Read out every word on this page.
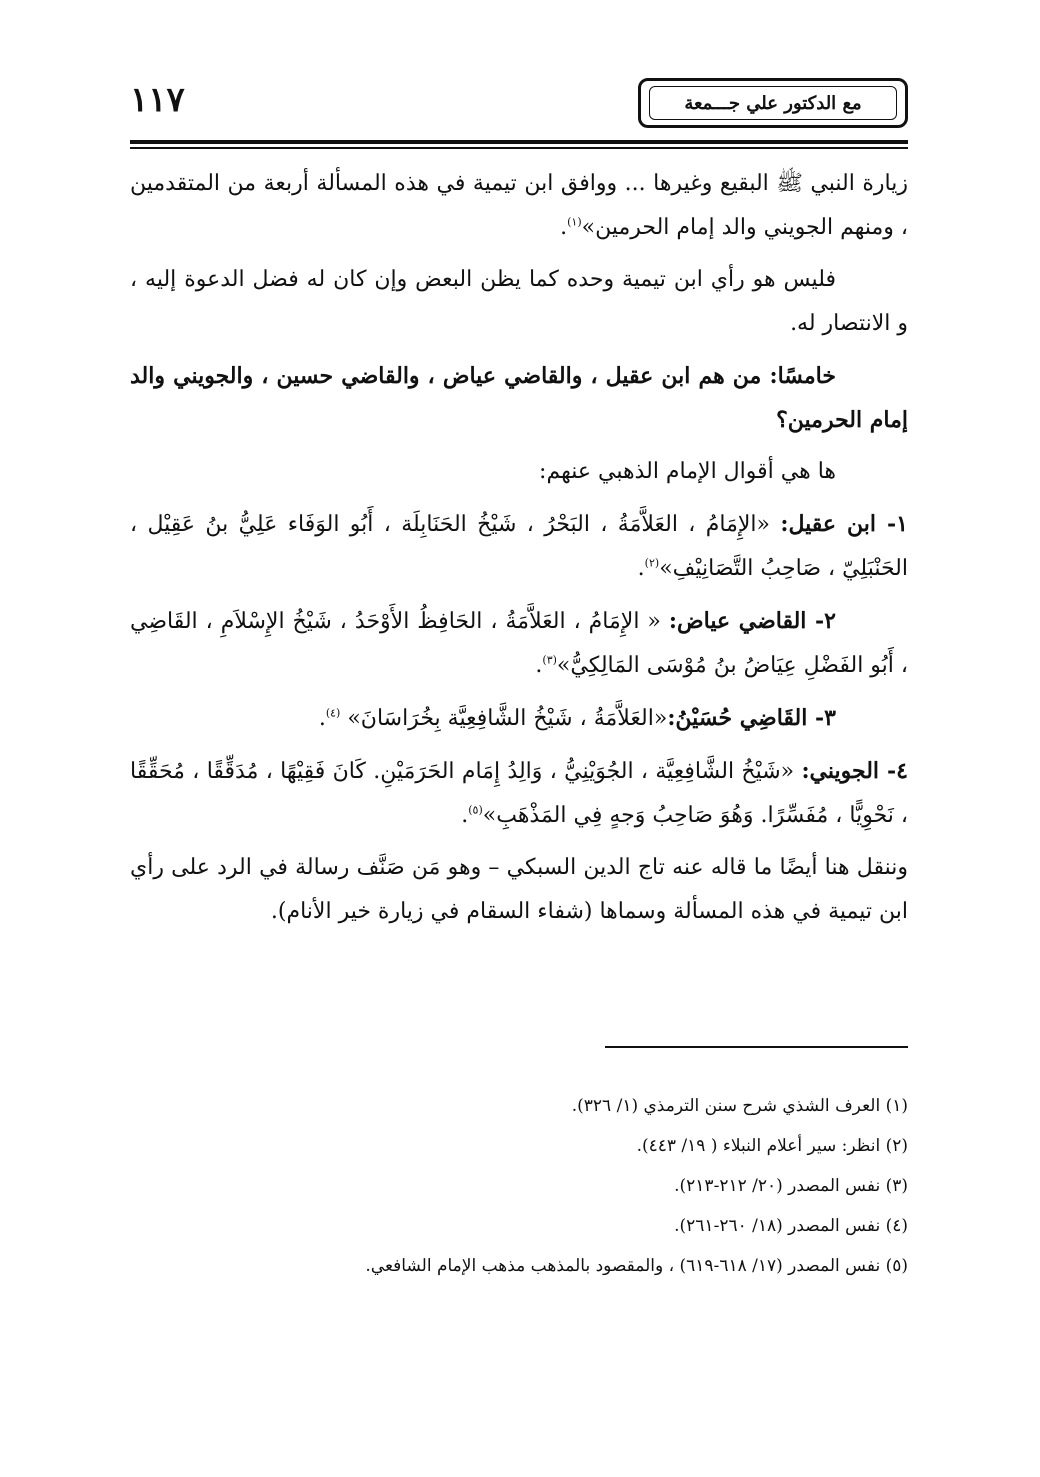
١١٧	مع الدكتور علي جـــمعة

زيارة النبي ﷺ البقيع وغيرها ... ووافق ابن تيمية في هذه المسألة أربعة من المتقدمين ، ومنهم الجويني والد إمام الحرمين»$^{(١)}$.

فليس هو رأي ابن تيمية وحده كما يظن البعض وإن كان له فضل الدعوة إليه ، و الانتصار له.

خامسًا: من هم ابن عقيل ، والقاضي عياض ، والقاضي حسين ، والجويني والد إمام الحرمين؟

ها هي أقوال الإمام الذهبي عنهم:

١- ابن عقيل: «الإِمَامُ ، العَلاَّمَةُ ، البَحْرُ ، شَيْخُ الحَنَابِلَة ، أَبُو الوَفَاء عَلِيُّ بنُ عَقِيْل ، الحَنْبَلِيّ ، صَاحِبُ التَّصَانِيْفِ»$^{(٢)}$.

٢- القاضي عياض: « الإِمَامُ ، العَلاَّمَةُ ، الحَافِظُ الأَوْحَدُ ، شَيْخُ الإِسْلاَمِ ، القَاضِي ، أَبُو الفَضْلِ عِيَاضُ بنُ مُوْسَى المَالِكِيُّ»$^{(٣)}$.

٣- القَاضِي حُسَيْنُ:«العَلاَّمَةُ ، شَيْخُ الشَّافِعِيَّة بِخُرَاسَانَ» $^{(٤)}$.

٤- الجويني: «شَيْخُ الشَّافِعِيَّة ، الجُوَيْنِيُّ ، وَالِدُ إِمَام الحَرَمَيْنِ. كَانَ فَقِيْهًا ، مُدَقِّقًا ، مُحَقِّقًا ، نَحْوِيًّا ، مُفَسِّرًا. وَهُوَ صَاحِبُ وَجهٍ فِي المَذْهَبِ»$^{(٥)}$.

وننقل هنا أيضًا ما قاله عنه تاج الدين السبكي – وهو مَن صَنَّف رسالة في الرد على رأي ابن تيمية في هذه المسألة وسماها (شفاء السقام في زيارة خير الأنام).

(١) العرف الشذي شرح سنن الترمذي (١/ ٣٢٦).

(٢) انظر: سير أعلام النبلاء ( ١٩/ ٤٤٣).

(٣) نفس المصدر (٢٠/ ٢١٢-٢١٣).

(٤) نفس المصدر (١٨/ ٢٦٠-٢٦١).

(٥) نفس المصدر (١٧/ ٦١٨-٦١٩) ، والمقصود بالمذهب مذهب الإمام الشافعي.
